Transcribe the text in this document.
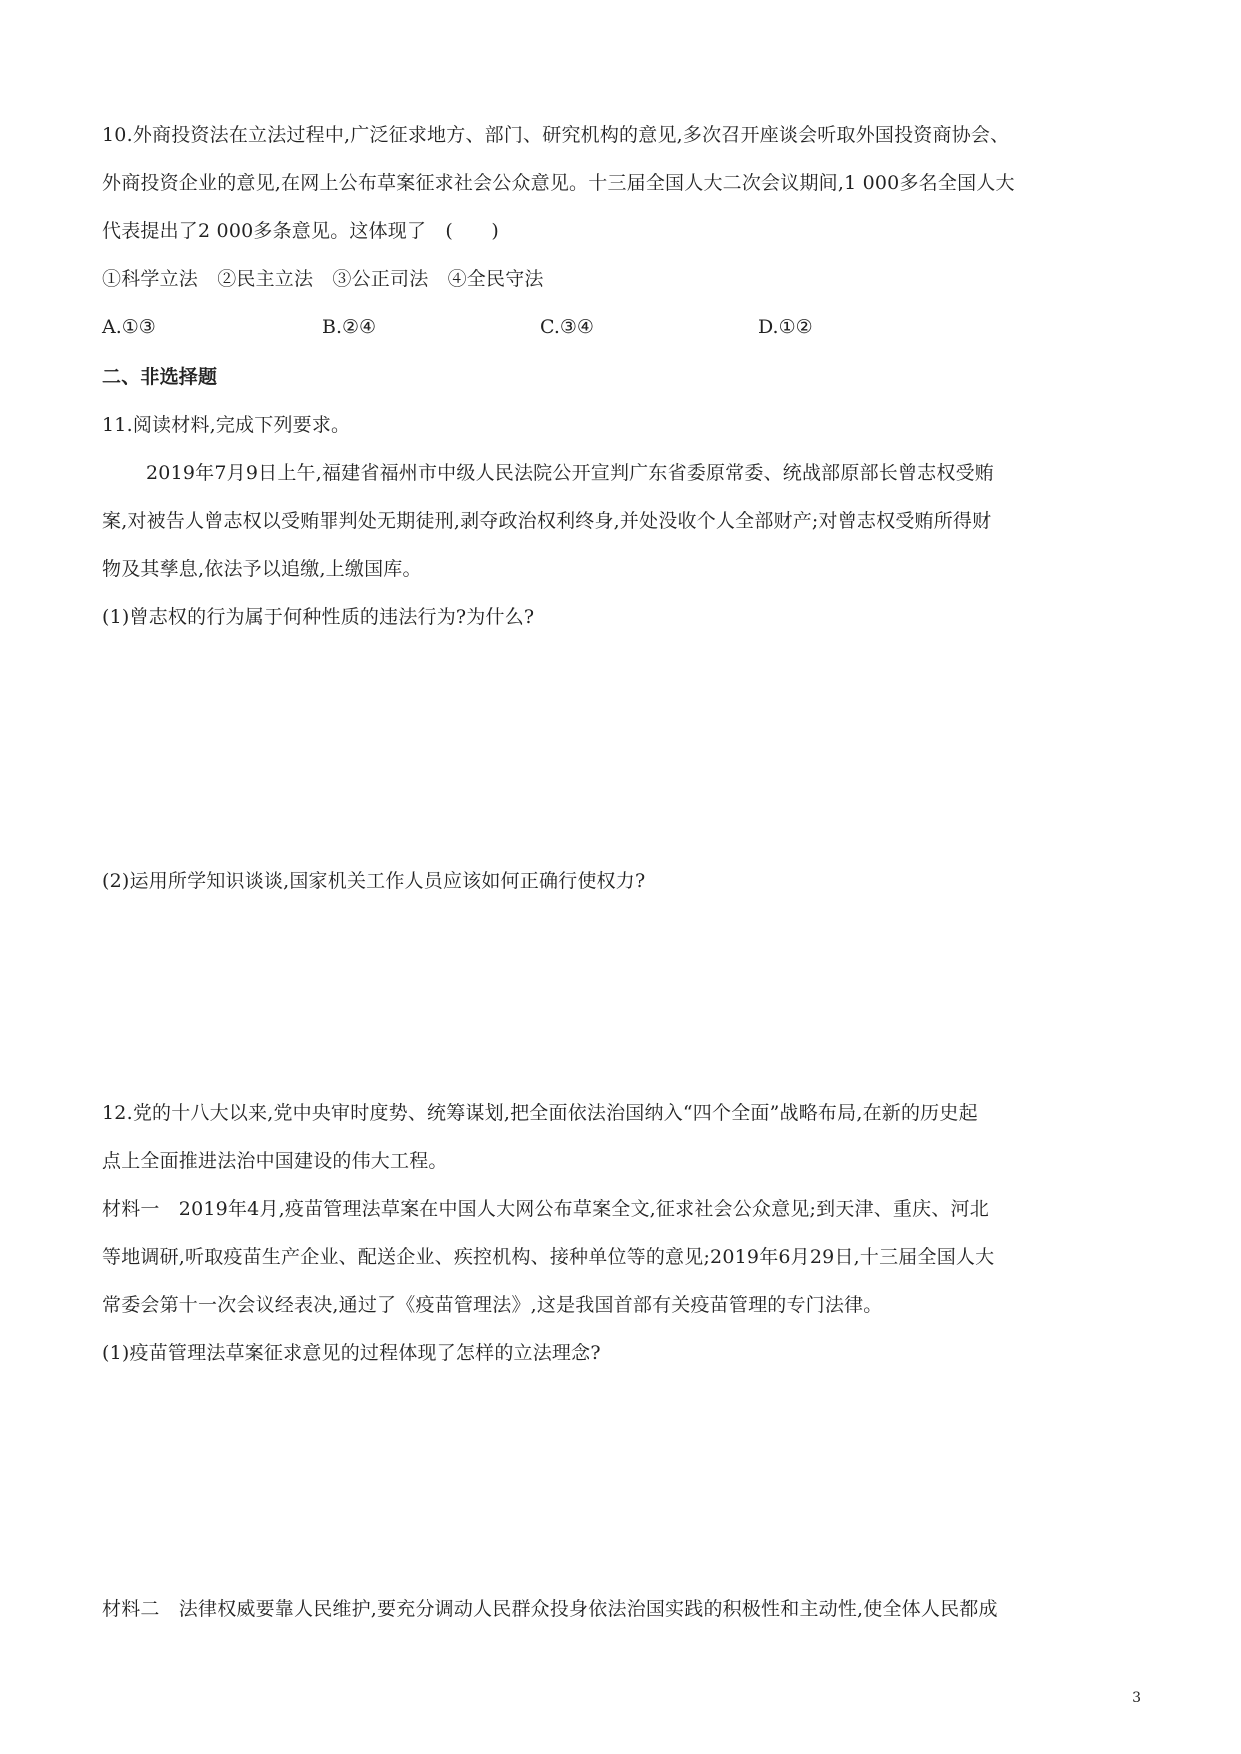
10.外商投资法在立法过程中,广泛征求地方、部门、研究机构的意见,多次召开座谈会听取外国投资商协会、
外商投资企业的意见,在网上公布草案征求社会公众意见。十三届全国人大二次会议期间,1 000多名全国人大
代表提出了2 000多条意见。这体现了　(　　)
①科学立法　②民主立法　③公正司法　④全民守法
A.①③	B.②④	C.③④	D.①②
二、非选择题
11.阅读材料,完成下列要求。
2019年7月9日上午,福建省福州市中级人民法院公开宣判广东省委原常委、统战部原部长曾志权受贿
案,对被告人曾志权以受贿罪判处无期徒刑,剥夺政治权利终身,并处没收个人全部财产;对曾志权受贿所得财
物及其孳息,依法予以追缴,上缴国库。
(1)曾志权的行为属于何种性质的违法行为?为什么?
(2)运用所学知识谈谈,国家机关工作人员应该如何正确行使权力?
12.党的十八大以来,党中央审时度势、统筹谋划,把全面依法治国纳入“四个全面”战略布局,在新的历史起
点上全面推进法治中国建设的伟大工程。
材料一　2019年4月,疫苗管理法草案在中国人大网公布草案全文,征求社会公众意见;到天津、重庆、河北
等地调研,听取疫苗生产企业、配送企业、疾控机构、接种单位等的意见;2019年6月29日,十三届全国人大
常委会第十一次会议经表决,通过了《疫苗管理法》,这是我国首部有关疫苗管理的专门法律。
(1)疫苗管理法草案征求意见的过程体现了怎样的立法理念?
材料二　法律权威要靠人民维护,要充分调动人民群众投身依法治国实践的积极性和主动性,使全体人民都成
3
